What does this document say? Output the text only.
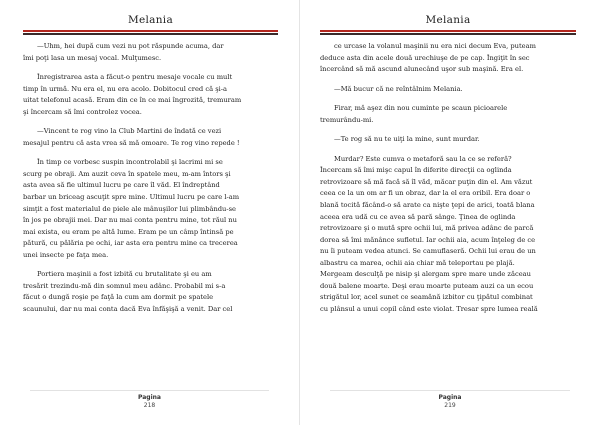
Melania
—Uhm, hei după cum vezi nu pot răspunde acuma, dar
îmi poţi lasa un mesaj vocal. Mulţumesc.
Înregistrarea asta a făcut-o pentru mesaje vocale cu mult
timp în urmă. Nu era el, nu era acolo. Dobitocul cred că şi-a
uitat telefonul acasă. Eram din ce în ce mai îngrozită, tremuram
şi încercam să îmi controlez vocea.
—Vincent te rog vino la Club Martini de îndată ce vezi
mesajul pentru că asta vrea să mă omoare. Te rog vino repede !
În timp ce vorbesc suspin incontrolabil şi lacrimi mi se
scurg pe obraji. Am auzit ceva în spatele meu, m-am întors şi
asta avea să fie ultimul lucru pe care îl văd. El îndreptând
barbar un briceag ascuţit spre mine. Ultimul lucru pe care l-am
simţit a fost materialul de piele ale mânuşilor lui plimbându-se
în jos pe obrajii mei. Dar nu mai conta pentru mine, tot răul nu
mai exista, eu eram pe altă lume. Eram pe un câmp întinsă pe
pătură, cu pălăria pe ochi, iar asta era pentru mine ca trecerea
unei insecte pe faţa mea.
Portiera maşinii a fost izbită cu brutalitate şi eu am
tresărit trezindu-mă din somnul meu adânc. Probabil mi s-a
făcut o dungă roşie pe faţă la cum am dormit pe spatele
scaunului, dar nu mai conta dacă Eva înfăşişă a venit. Dar cel
Pagina
218
Melania
ce urcase la volanul maşinii nu era nici decum Eva, puteam
deduce asta din acele două urechiuşe de pe cap. Îngiţit în sec
încercând să mă ascund alunecând uşor sub maşină. Era el.
—Mă bucur că ne reîntâlnim Melania.
Firar, mă aşez din nou cuminte pe scaun picioarele
tremurându-mi.
—Te rog să nu te uiţi la mine, sunt murdar.
Murdar? Este cumva o metaforă sau la ce se referă?
Încercam să îmi mişc capul în diferite direcţii ca oglinda
retrovizoare să mă facă să îl văd, măcar puţin din el. Am văzut
ceea ce la un om ar fi un obraz, dar la el era oribil. Era doar o
blană tocită făcând-o să arate ca nişte ţepi de arici, toată blana
aceea era udă cu ce avea să pară sânge. Ţinea de oglinda
retrovizoare şi o mută spre ochii lui, mă privea adânc de parcă
dorea să îmi mănânce sufletul. Iar ochii aia, acum înţeleg de ce
nu îi puteam vedea atunci. Se camuflaseră. Ochii lui erau de un
albastru ca marea, ochii aia chiar mă teleportau pe plajă.
Mergeam desculţă pe nisip şi alergam spre mare unde zăceau
două balene moarte. Deşi erau moarte puteam auzi ca un ecou
strigătul lor, acel sunet ce seamănă izbitor cu ţipătul combinat
cu plânsul a unui copil când este violat. Tresar spre lumea reală
Pagina
219
